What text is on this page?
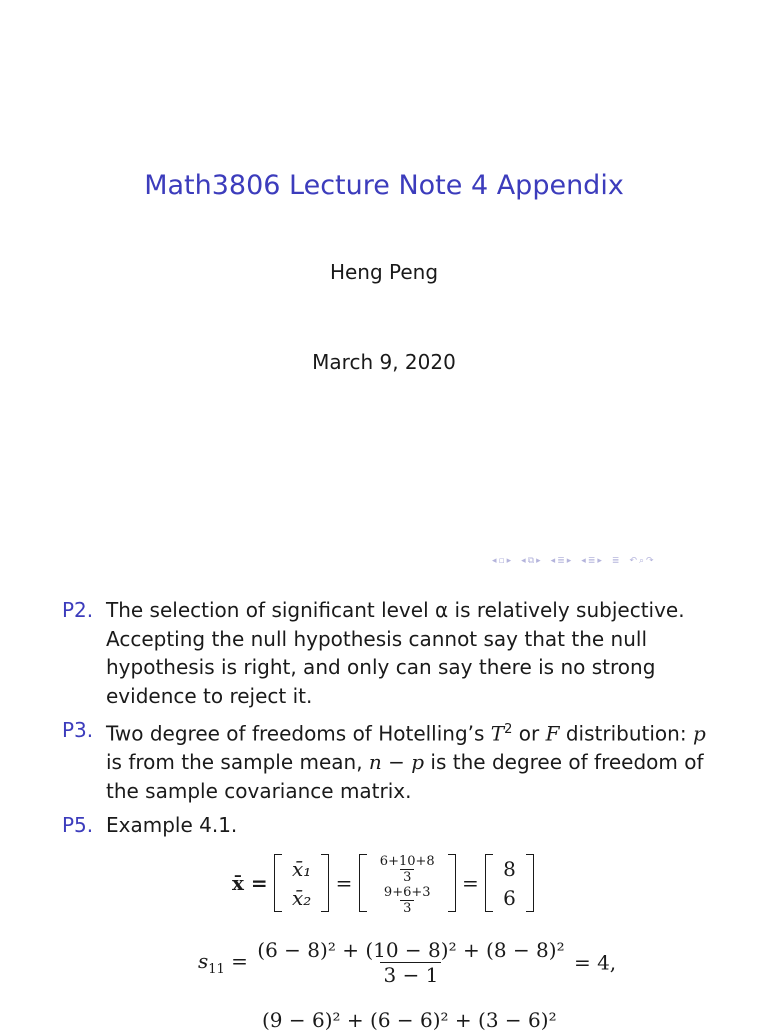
Math3806 Lecture Note 4 Appendix
Heng Peng
March 9, 2020
◂ ▫ ▸ ◂ ⧉ ▸ ◂ ≣ ▸ ◂ ≣ ▸ ≣ ↶ ⌕ ↷
P2. The selection of significant level α is relatively subjective. Accepting the null hypothesis cannot say that the null hypothesis is right, and only can say there is no strong evidence to reject it.
P3. Two degree of freedoms of Hotelling’s $T^2$ or F distribution: p is from the sample mean, n − p is the degree of freedom of the sample covariance matrix.
P5. Example 4.1.
x̄ =
x̄₁
x̄₂
= $\frac{6+10+8}{3}$
$\frac{9+6+3}{3}$
=
8
6
$s_{11} = \frac{\text{(6 − 8)² + (10 − 8)² + (8 − 8)²}}{3 - 1} = 4$,
(9 − 6)² + (6 − 6)² + (3 − 6)²
